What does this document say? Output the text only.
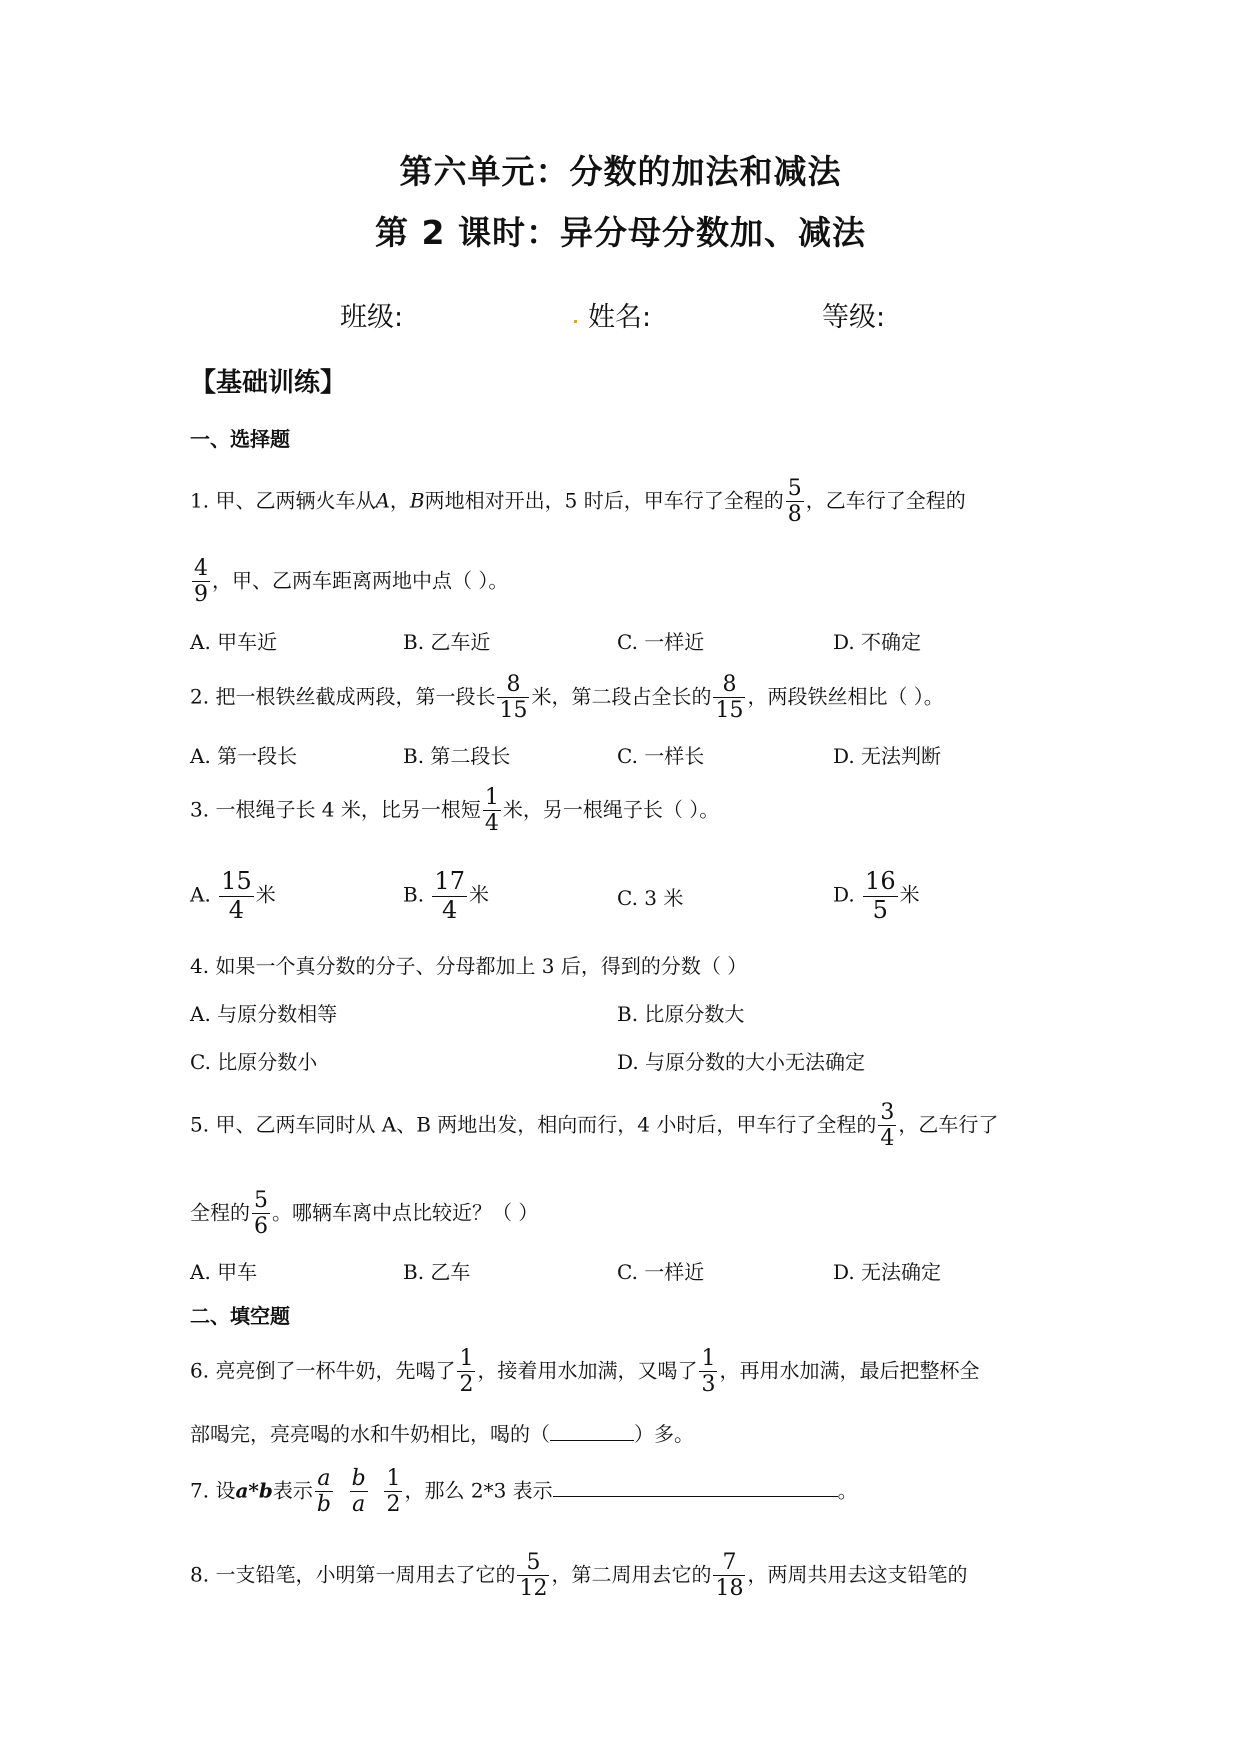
第六单元：分数的加法和减法
第 2 课时：异分母分数加、减法
班级:	姓名:	等级:
【基础训练】
一、选择题
1. 甲、乙两辆火车从A，B两地相对开出，5 时后，甲车行了全程的 $\frac{5}{8}$ ，乙车行了全程的
$\frac{4}{9}$ ，甲、乙两车距离两地中点（ ）。
A. 甲车近	B. 乙车近	C. 一样近	D. 不确定
2. 把一根铁丝截成两段，第一段长 $\frac{8}{15}$ 米，第二段占全长的 $\frac{8}{15}$ ，两段铁丝相比（ ）。
A. 第一段长	B. 第二段长	C. 一样长	D. 无法判断
3. 一根绳子长 4 米，比另一根短 $\frac{1}{4}$ 米，另一根绳子长（ ）。
A. $\frac{15}{4}$ 米	B. $\frac{17}{4}$ 米	C. 3 米	D. $\frac{16}{5}$ 米
4. 如果一个真分数的分子、分母都加上 3 后，得到的分数（ ）
A. 与原分数相等	B. 比原分数大
C. 比原分数小	D. 与原分数的大小无法确定
5. 甲、乙两车同时从 A、B 两地出发，相向而行，4 小时后，甲车行了全程的 $\frac{3}{4}$ ，乙车行了
全程的 $\frac{5}{6}$ 。哪辆车离中点比较近？（ ）
A. 甲车	B. 乙车	C. 一样近	D. 无法确定
二、填空题
6. 亮亮倒了一杯牛奶，先喝了 $\frac{1}{2}$ ，接着用水加满，又喝了 $\frac{1}{3}$ ，再用水加满，最后把整杯全
部喝完，亮亮喝的水和牛奶相比，喝的（	）多。
7. 设a*b表示 $\frac{a}{b}$
$\frac{b}{a}$
$\frac{1}{2}$ ，那么 2*3 表示	。
8. 一支铅笔，小明第一周用去了它的 $\frac{5}{12}$ ，第二周用去它的 $\frac{7}{18}$ ，两周共用去这支铅笔的
